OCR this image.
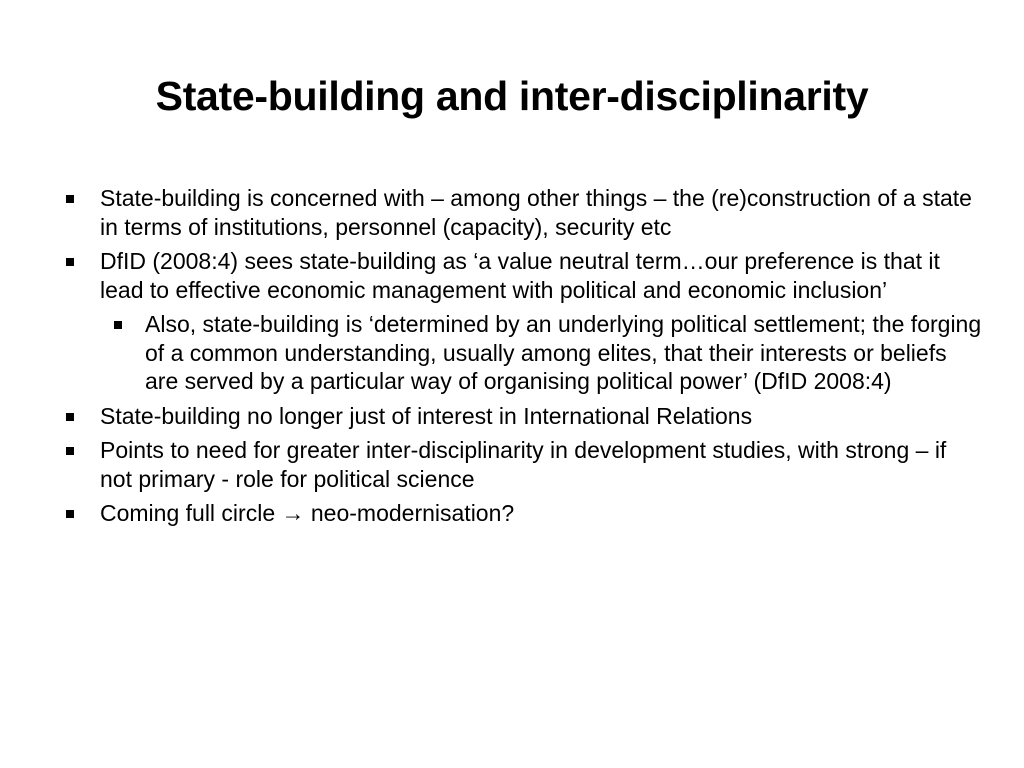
State-building and inter-disciplinarity
State-building is concerned with – among other things – the (re)construction of a state in terms of institutions, personnel (capacity), security etc
DfID (2008:4) sees state-building as ‘a value neutral term…our preference is that it lead to effective economic management with political and economic inclusion’
Also, state-building is ‘determined by an underlying political settlement; the forging of a common understanding, usually among elites, that their interests or beliefs are served by a particular way of organising political power’ (DfID 2008:4)
State-building no longer just of interest in International Relations
Points to need for greater inter-disciplinarity in development studies, with strong – if not primary - role for political science
Coming full circle → neo-modernisation?
